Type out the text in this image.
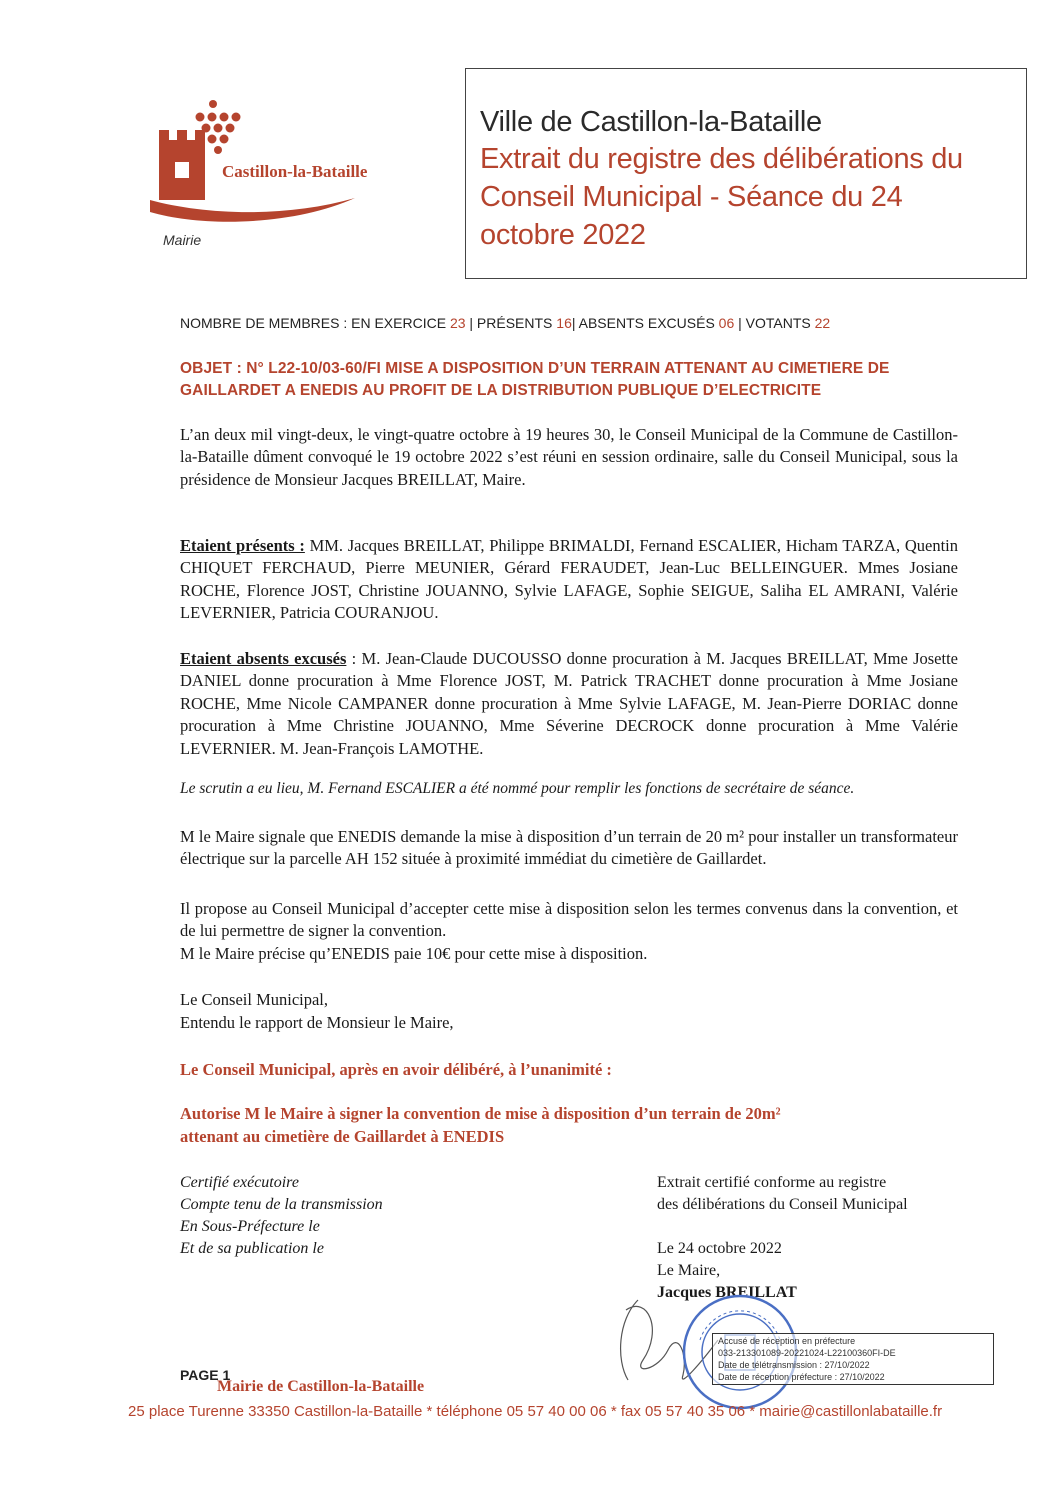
Castillon-la-Bataille
Mairie
Ville de Castillon-la-Bataille
Extrait du registre des délibérations du
Conseil Municipal - Séance du 24
octobre 2022
NOMBRE DE MEMBRES : EN EXERCICE 23 | PRÉSENTS 16| ABSENTS EXCUSÉS 06 | VOTANTS 22
OBJET : N° L22-10/03-60/FI MISE A DISPOSITION D’UN TERRAIN ATTENANT AU CIMETIERE DE
GAILLARDET A ENEDIS AU PROFIT DE LA DISTRIBUTION PUBLIQUE D’ELECTRICITE
L’an deux mil vingt-deux, le vingt-quatre octobre à 19 heures 30, le Conseil Municipal de la Commune de Castillon-la-Bataille dûment convoqué le 19 octobre 2022 s’est réuni en session ordinaire, salle du Conseil Municipal, sous la présidence de Monsieur Jacques BREILLAT, Maire.
Etaient présents : MM. Jacques BREILLAT, Philippe BRIMALDI, Fernand ESCALIER, Hicham TARZA, Quentin CHIQUET FERCHAUD, Pierre MEUNIER, Gérard FERAUDET, Jean-Luc BELLEINGUER. Mmes Josiane ROCHE, Florence JOST, Christine JOUANNO, Sylvie LAFAGE, Sophie SEIGUE, Saliha EL AMRANI, Valérie LEVERNIER, Patricia COURANJOU.
Etaient absents excusés : M. Jean-Claude DUCOUSSO donne procuration à M. Jacques BREILLAT, Mme Josette DANIEL donne procuration à Mme Florence JOST, M. Patrick TRACHET donne procuration à Mme Josiane ROCHE, Mme Nicole CAMPANER donne procuration à Mme Sylvie LAFAGE, M. Jean-Pierre DORIAC donne procuration à Mme Christine JOUANNO, Mme Séverine DECROCK donne procuration à Mme Valérie LEVERNIER. M. Jean-François LAMOTHE.
Le scrutin a eu lieu, M. Fernand ESCALIER a été nommé pour remplir les fonctions de secrétaire de séance.
M le Maire signale que ENEDIS demande la mise à disposition d’un terrain de 20 m² pour installer un transformateur électrique sur la parcelle AH 152 située à proximité immédiat du cimetière de Gaillardet.
Il propose au Conseil Municipal d’accepter cette mise à disposition selon les termes convenus dans la convention, et de lui permettre de signer la convention.
M le Maire précise qu’ENEDIS paie 10€ pour cette mise à disposition.
Le Conseil Municipal,
Entendu le rapport de Monsieur le Maire,
Le Conseil Municipal, après en avoir délibéré, à l’unanimité :
Autorise M le Maire à signer la convention de mise à disposition d’un terrain de 20m²
attenant au cimetière de Gaillardet à ENEDIS
Certifié exécutoire
Compte tenu de la transmission
En Sous-Préfecture le
Et de sa publication le
Extrait certifié conforme au registre
des délibérations du Conseil Municipal
Le 24 octobre 2022
Le Maire,
Jacques BREILLAT
Accusé de réception en préfecture
033-213301089-20221024-L22100360FI-DE
Date de télétransmission : 27/10/2022
Date de réception préfecture : 27/10/2022
PAGE 1
Mairie de Castillon-la-Bataille
25 place Turenne 33350 Castillon-la-Bataille * téléphone 05 57 40 00 06 * fax 05 57 40 35 06 * mairie@castillonlabataille.fr
